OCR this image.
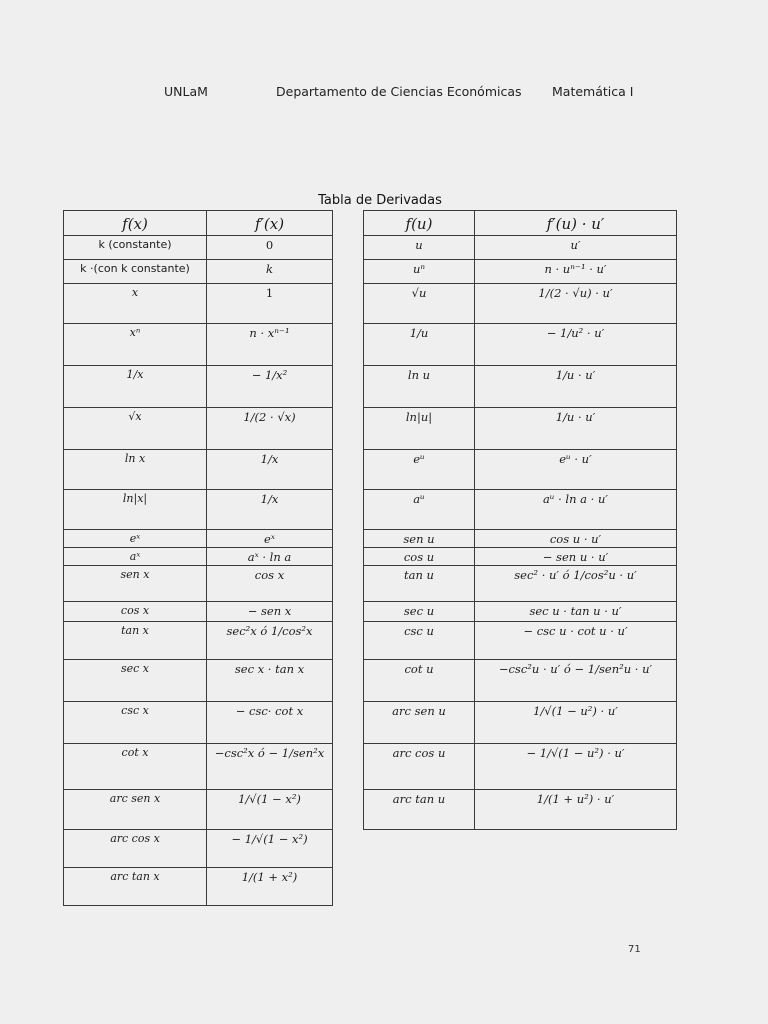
UNLaM	Departamento de Ciencias Económicas Matemática I
Tabla de Derivadas
f(x)	f′(x)
k (constante)	0
k ·(con k constante)	k
x	1
xⁿ	n · xⁿ⁻¹
1/x	− 1/x²
√x	1/(2 · √x)
ln x	1/x
ln|x|	1/x
eˣ	eˣ
aˣ	aˣ · ln a
sen x	cos x
cos x	− sen x
tan x	sec²x ó 1/cos²x
sec x	sec x · tan x
csc x	− csc· cot x
cot x	−csc²x ó − 1/sen²x
arc sen x	1/√(1 − x²)
arc cos x	− 1/√(1 − x²)
arc tan x	1/(1 + x²)
f(u)	f′(u) · u′
u	u′
uⁿ	n · uⁿ⁻¹ · u′
√u	1/(2 · √u) · u′
1/u	− 1/u² · u′
ln u	1/u · u′
ln|u|	1/u · u′
eᵘ	eᵘ · u′
aᵘ	aᵘ · ln a · u′
sen u	cos u · u′
cos u	− sen u · u′
tan u	sec² · u′ ó 1/cos²u · u′
sec u	sec u · tan u · u′
csc u	− csc u · cot u · u′
cot u	−csc²u · u′ ó − 1/sen²u · u′
arc sen u	1/√(1 − u²) · u′
arc cos u	− 1/√(1 − u²) · u′
arc tan u	1/(1 + u²) · u′
71
